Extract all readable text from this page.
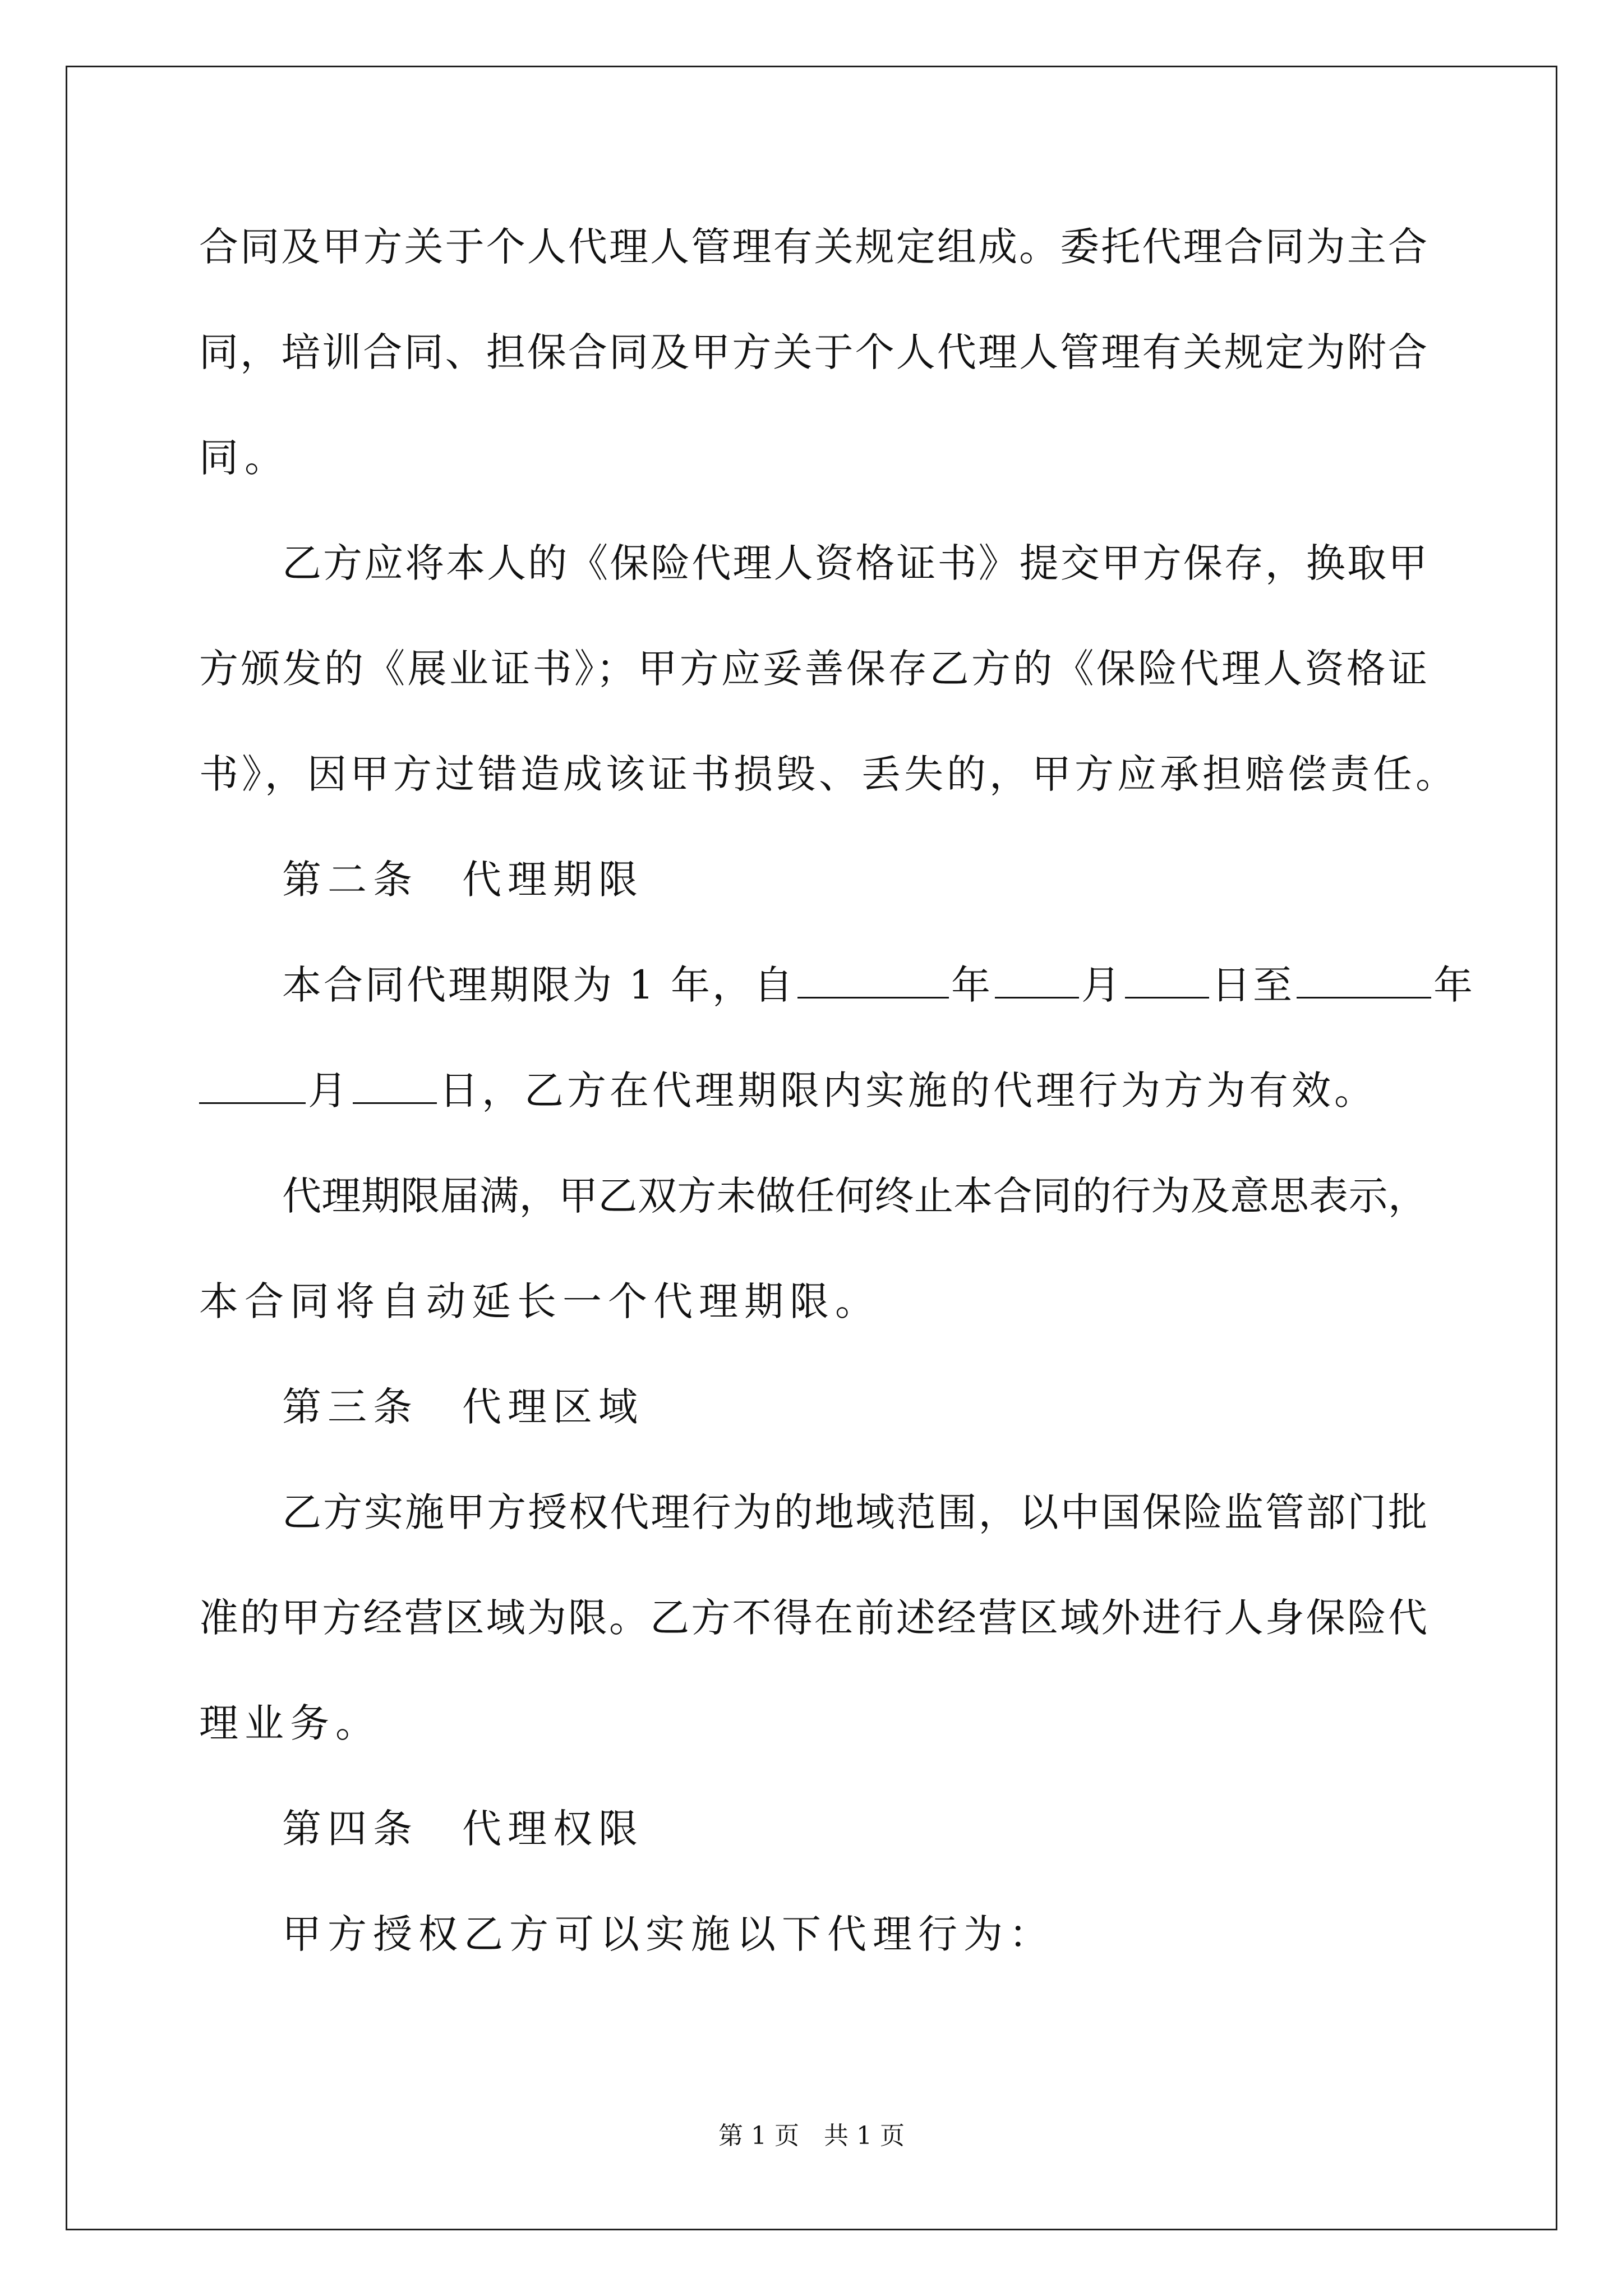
合同及甲方关于个人代理人管理有关规定组成。委托代理合同为主合
同，培训合同、担保合同及甲方关于个人代理人管理有关规定为附合
同。
乙方应将本人的《保险代理人资格证书》提交甲方保存，换取甲
方颁发的《展业证书》；甲方应妥善保存乙方的《保险代理人资格证
书》，因甲方过错造成该证书损毁、丢失的，甲方应承担赔偿责任。
第二条 代理期限
本合同代理期限为 1 年，自	年 月 日至	年
月 日，乙方在代理期限内实施的代理行为方为有效。
代理期限届满，甲乙双方未做任何终止本合同的行为及意思表示，
本合同将自动延长一个代理期限。
第三条 代理区域
乙方实施甲方授权代理行为的地域范围，以中国保险监管部门批
准的甲方经营区域为限。乙方不得在前述经营区域外进行人身保险代
理业务。
第四条 代理权限
甲方授权乙方可以实施以下代理行为：
第 1 页　共 1 页
